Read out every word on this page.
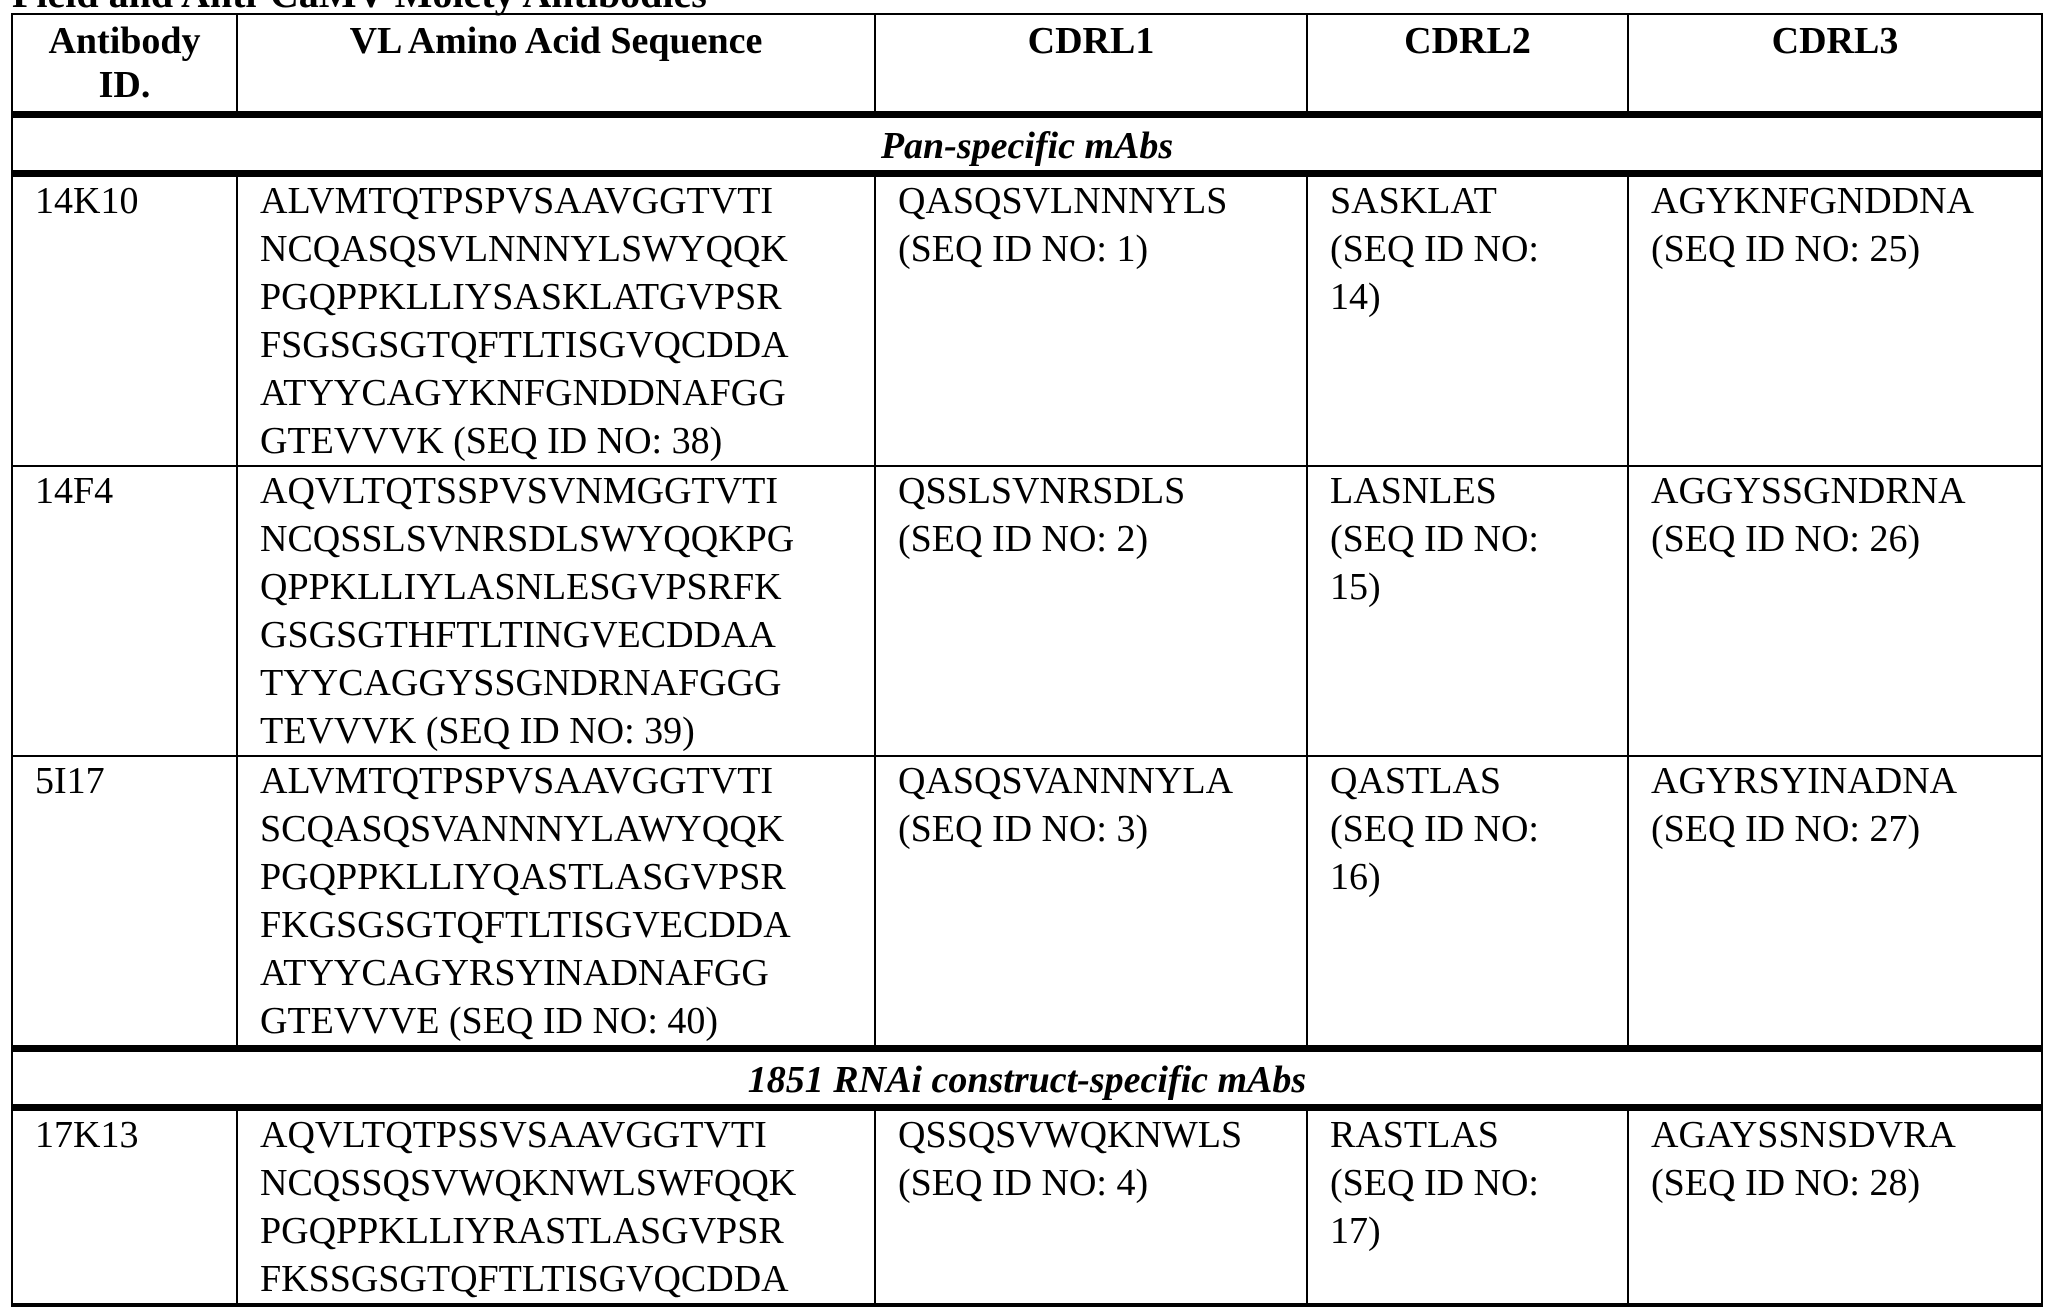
Antibody ID.	VL Amino Acid Sequence	CDRL1	CDRL2	CDRL3
Pan-specific mAbs
14K10	ALVMTQTPSPVSAAVGGTVTI
NCQASQSVLNNNYLSWYQQK
PGQPPKLLIYSASKLATGVPSR
FSGSGSGTQFTLTISGVQCDDA
ATYYCAGYKNFGNDDNAFGG
GTEVVVK (SEQ ID NO: 38)	QASQSVLNNNYLS
(SEQ ID NO: 1)	SASKLAT
(SEQ ID NO:
14)	AGYKNFGNDDNA
(SEQ ID NO: 25)
14F4	AQVLTQTSSPVSVNMGGTVTI
NCQSSLSVNRSDLSWYQQKPG
QPPKLLIYLASNLESGVPSRFK
GSGSGTHFTLTINGVECDDAA
TYYCAGGYSSGNDRNAFGGG
TEVVVK (SEQ ID NO: 39)	QSSLSVNRSDLS
(SEQ ID NO: 2)	LASNLES
(SEQ ID NO:
15)	AGGYSSGNDRNA
(SEQ ID NO: 26)
5I17	ALVMTQTPSPVSAAVGGTVTI
SCQASQSVANNNYLAWYQQK
PGQPPKLLIYQASTLASGVPSR
FKGSGSGTQFTLTISGVECDDA
ATYYCAGYRSYINADNAFGG
GTEVVVE (SEQ ID NO: 40)	QASQSVANNNYLA
(SEQ ID NO: 3)	QASTLAS
(SEQ ID NO:
16)	AGYRSYINADNA
(SEQ ID NO: 27)
1851 RNAi construct-specific mAbs
17K13	AQVLTQTPSSVSAAVGGTVTI
NCQSSQSVWQKNWLSWFQQK
PGQPPKLLIYRASTLASGVPSR
FKSSGSGTQFTLTISGVQCDDA	QSSQSVWQKNWLS
(SEQ ID NO: 4)	RASTLAS
(SEQ ID NO:
17)	AGAYSSNSDVRA
(SEQ ID NO: 28)
